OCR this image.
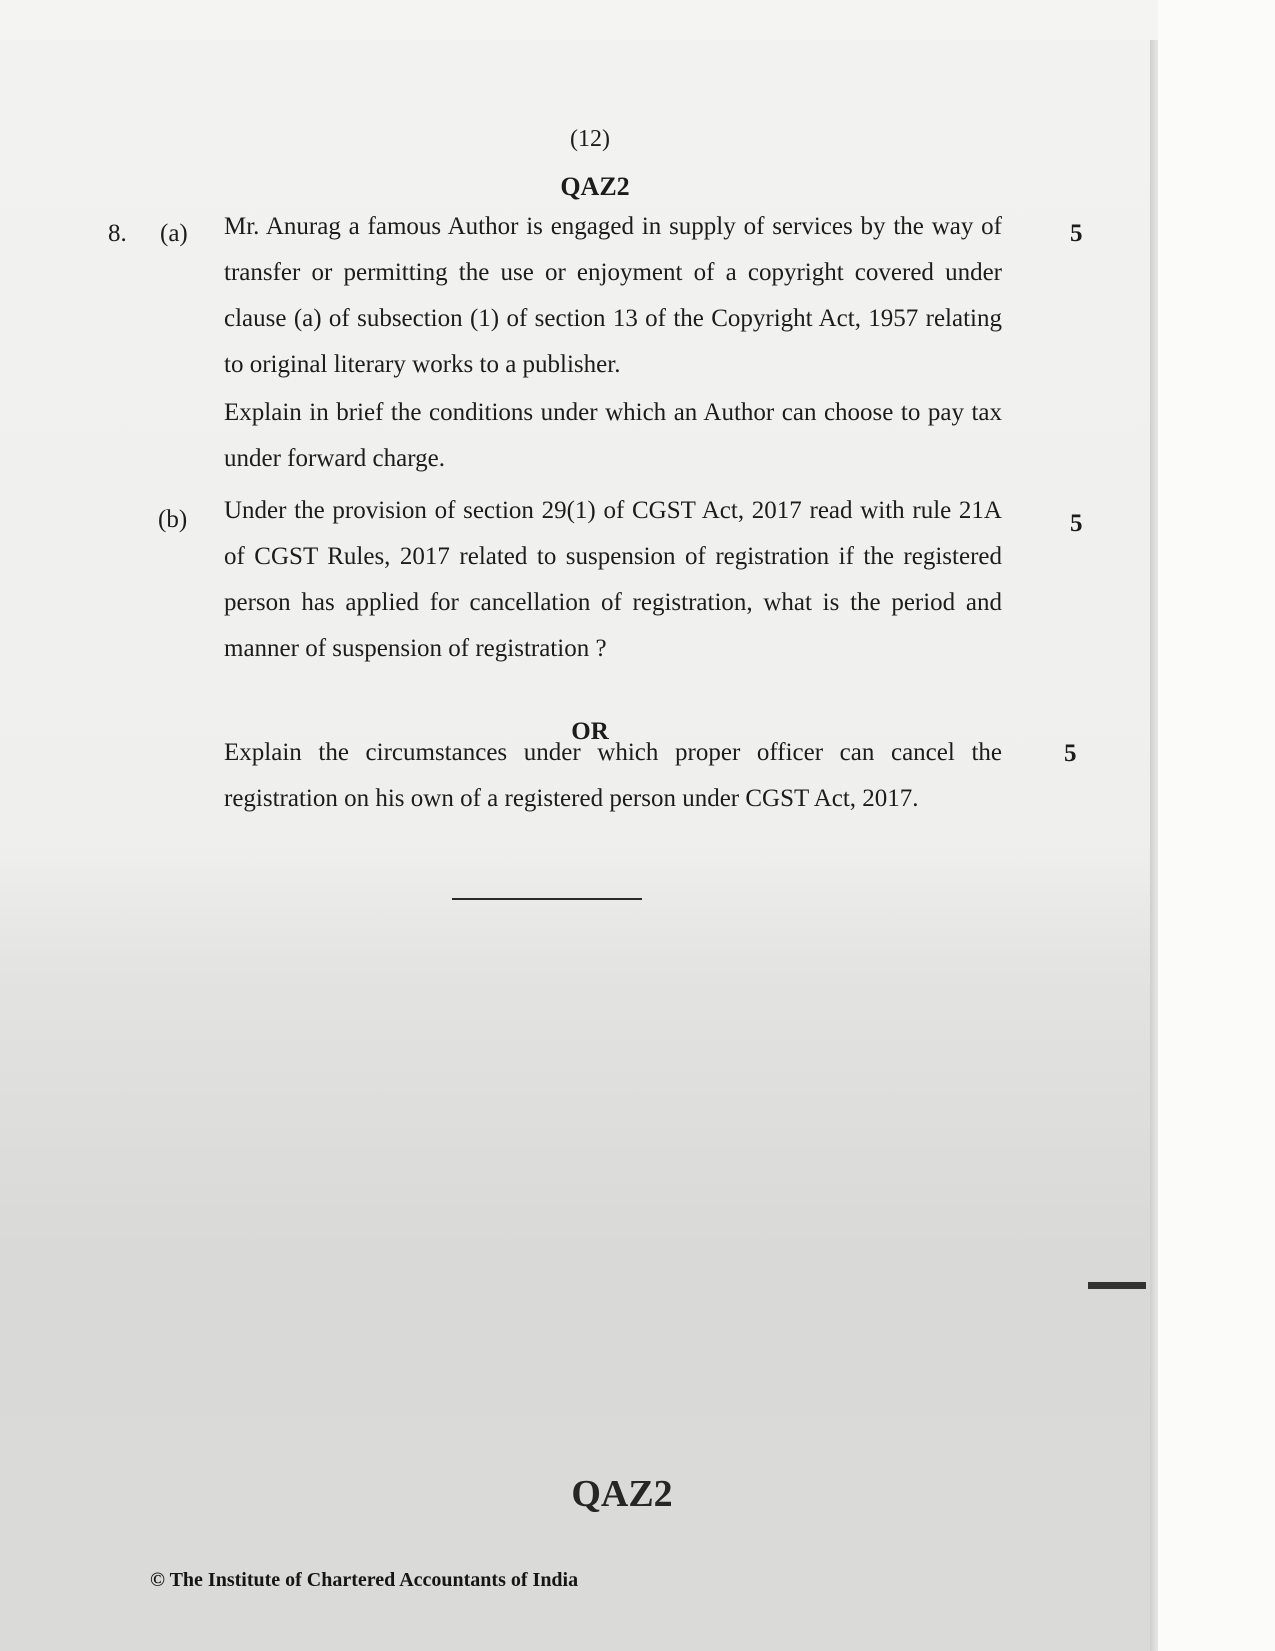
(12)
QAZ2
8. (a) Mr. Anurag a famous Author is engaged in supply of services by the way of transfer or permitting the use or enjoyment of a copyright covered under clause (a) of subsection (1) of section 13 of the Copyright Act, 1957 relating to original literary works to a publisher.
Explain in brief the conditions under which an Author can choose to pay tax under forward charge.
5
(b) Under the provision of section 29(1) of CGST Act, 2017 read with rule 21A of CGST Rules, 2017 related to suspension of registration if the registered person has applied for cancellation of registration, what is the period and manner of suspension of registration ?
5
OR
Explain the circumstances under which proper officer can cancel the registration on his own of a registered person under CGST Act, 2017.
5
QAZ2
© The Institute of Chartered Accountants of India
